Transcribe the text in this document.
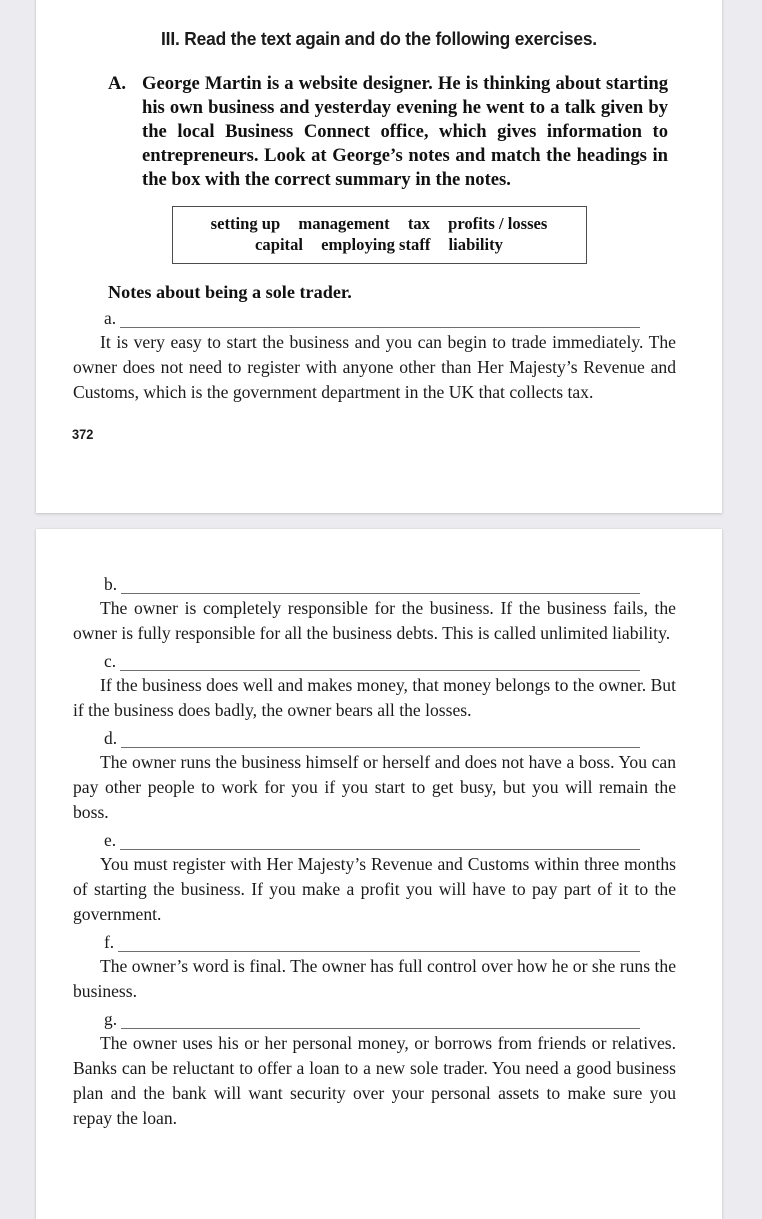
III. Read the text again and do the following exercises.
A. George Martin is a website designer. He is thinking about starting his own business and yesterday evening he went to a talk given by the local Business Connect office, which gives information to entrepreneurs. Look at George’s notes and match the headings in the box with the correct summary in the notes.
setting up management tax profits / losses
capital employing staff liability
Notes about being a sole trader.
a.

It is very easy to start the business and you can begin to trade immediately. The owner does not need to register with anyone other than Her Majesty’s Revenue and Customs, which is the government department in the UK that collects tax.

372
b.

The owner is completely responsible for the business. If the business fails, the owner is fully responsible for all the business debts. This is called unlimited liability.

c.

If the business does well and makes money, that money belongs to the owner. But if the business does badly, the owner bears all the losses.

d.

The owner runs the business himself or herself and does not have a boss. You can pay other people to work for you if you start to get busy, but you will remain the boss.

e.

You must register with Her Majesty’s Revenue and Customs within three months of starting the business. If you make a profit you will have to pay part of it to the government.

f.

The owner’s word is final. The owner has full control over how he or she runs the business.

g.

The owner uses his or her personal money, or borrows from friends or relatives. Banks can be reluctant to offer a loan to a new sole trader. You need a good business plan and the bank will want security over your personal assets to make sure you repay the loan.
